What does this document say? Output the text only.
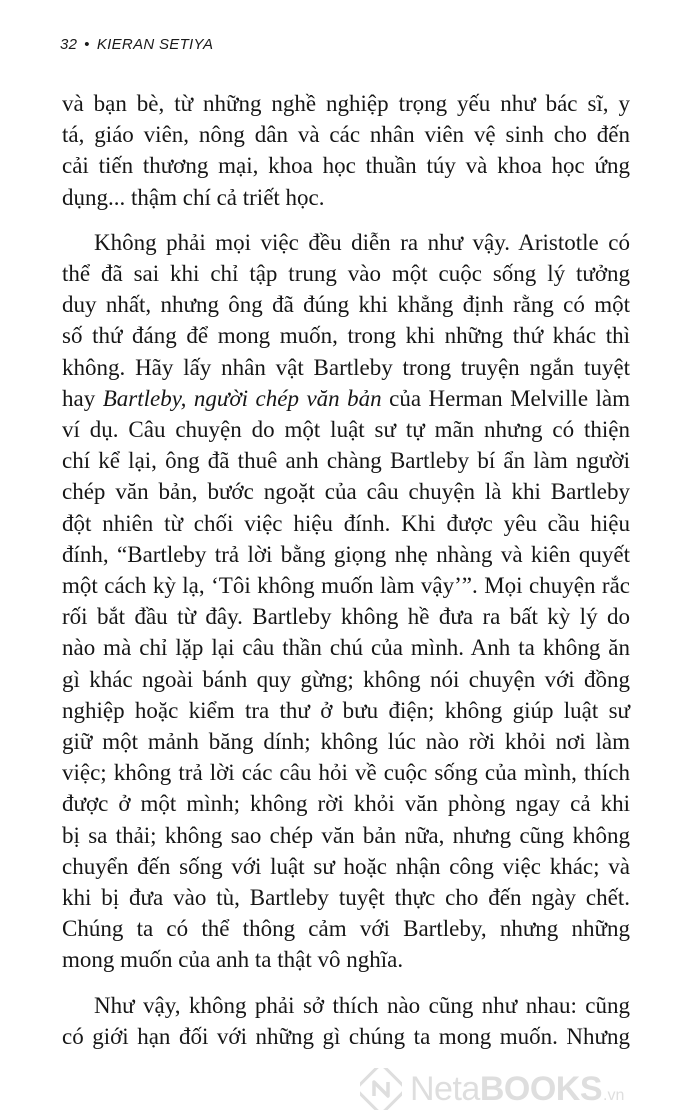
32 • KIERAN SETIYA

và bạn bè, từ những nghề nghiệp trọng yếu như bác sĩ, y
tá, giáo viên, nông dân và các nhân viên vệ sinh cho đến
cải tiến thương mại, khoa học thuần túy và khoa học ứng
dụng... thậm chí cả triết học.

Không phải mọi việc đều diễn ra như vậy. Aristotle có
thể đã sai khi chỉ tập trung vào một cuộc sống lý tưởng
duy nhất, nhưng ông đã đúng khi khẳng định rằng có một
số thứ đáng để mong muốn, trong khi những thứ khác thì
không. Hãy lấy nhân vật Bartleby trong truyện ngắn tuyệt
hay Bartleby, người chép văn bản của Herman Melville làm
ví dụ. Câu chuyện do một luật sư tự mãn nhưng có thiện
chí kể lại, ông đã thuê anh chàng Bartleby bí ẩn làm người
chép văn bản, bước ngoặt của câu chuyện là khi Bartleby
đột nhiên từ chối việc hiệu đính. Khi được yêu cầu hiệu
đính, “Bartleby trả lời bằng giọng nhẹ nhàng và kiên quyết
một cách kỳ lạ, ‘Tôi không muốn làm vậy’”. Mọi chuyện rắc
rối bắt đầu từ đây. Bartleby không hề đưa ra bất kỳ lý do
nào mà chỉ lặp lại câu thần chú của mình. Anh ta không ăn
gì khác ngoài bánh quy gừng; không nói chuyện với đồng
nghiệp hoặc kiểm tra thư ở bưu điện; không giúp luật sư
giữ một mảnh băng dính; không lúc nào rời khỏi nơi làm
việc; không trả lời các câu hỏi về cuộc sống của mình, thích
được ở một mình; không rời khỏi văn phòng ngay cả khi
bị sa thải; không sao chép văn bản nữa, nhưng cũng không
chuyển đến sống với luật sư hoặc nhận công việc khác; và
khi bị đưa vào tù, Bartleby tuyệt thực cho đến ngày chết.
Chúng ta có thể thông cảm với Bartleby, nhưng những
mong muốn của anh ta thật vô nghĩa.

Như vậy, không phải sở thích nào cũng như nhau: cũng
có giới hạn đối với những gì chúng ta mong muốn. Nhưng

NetaBOOKS.vn
